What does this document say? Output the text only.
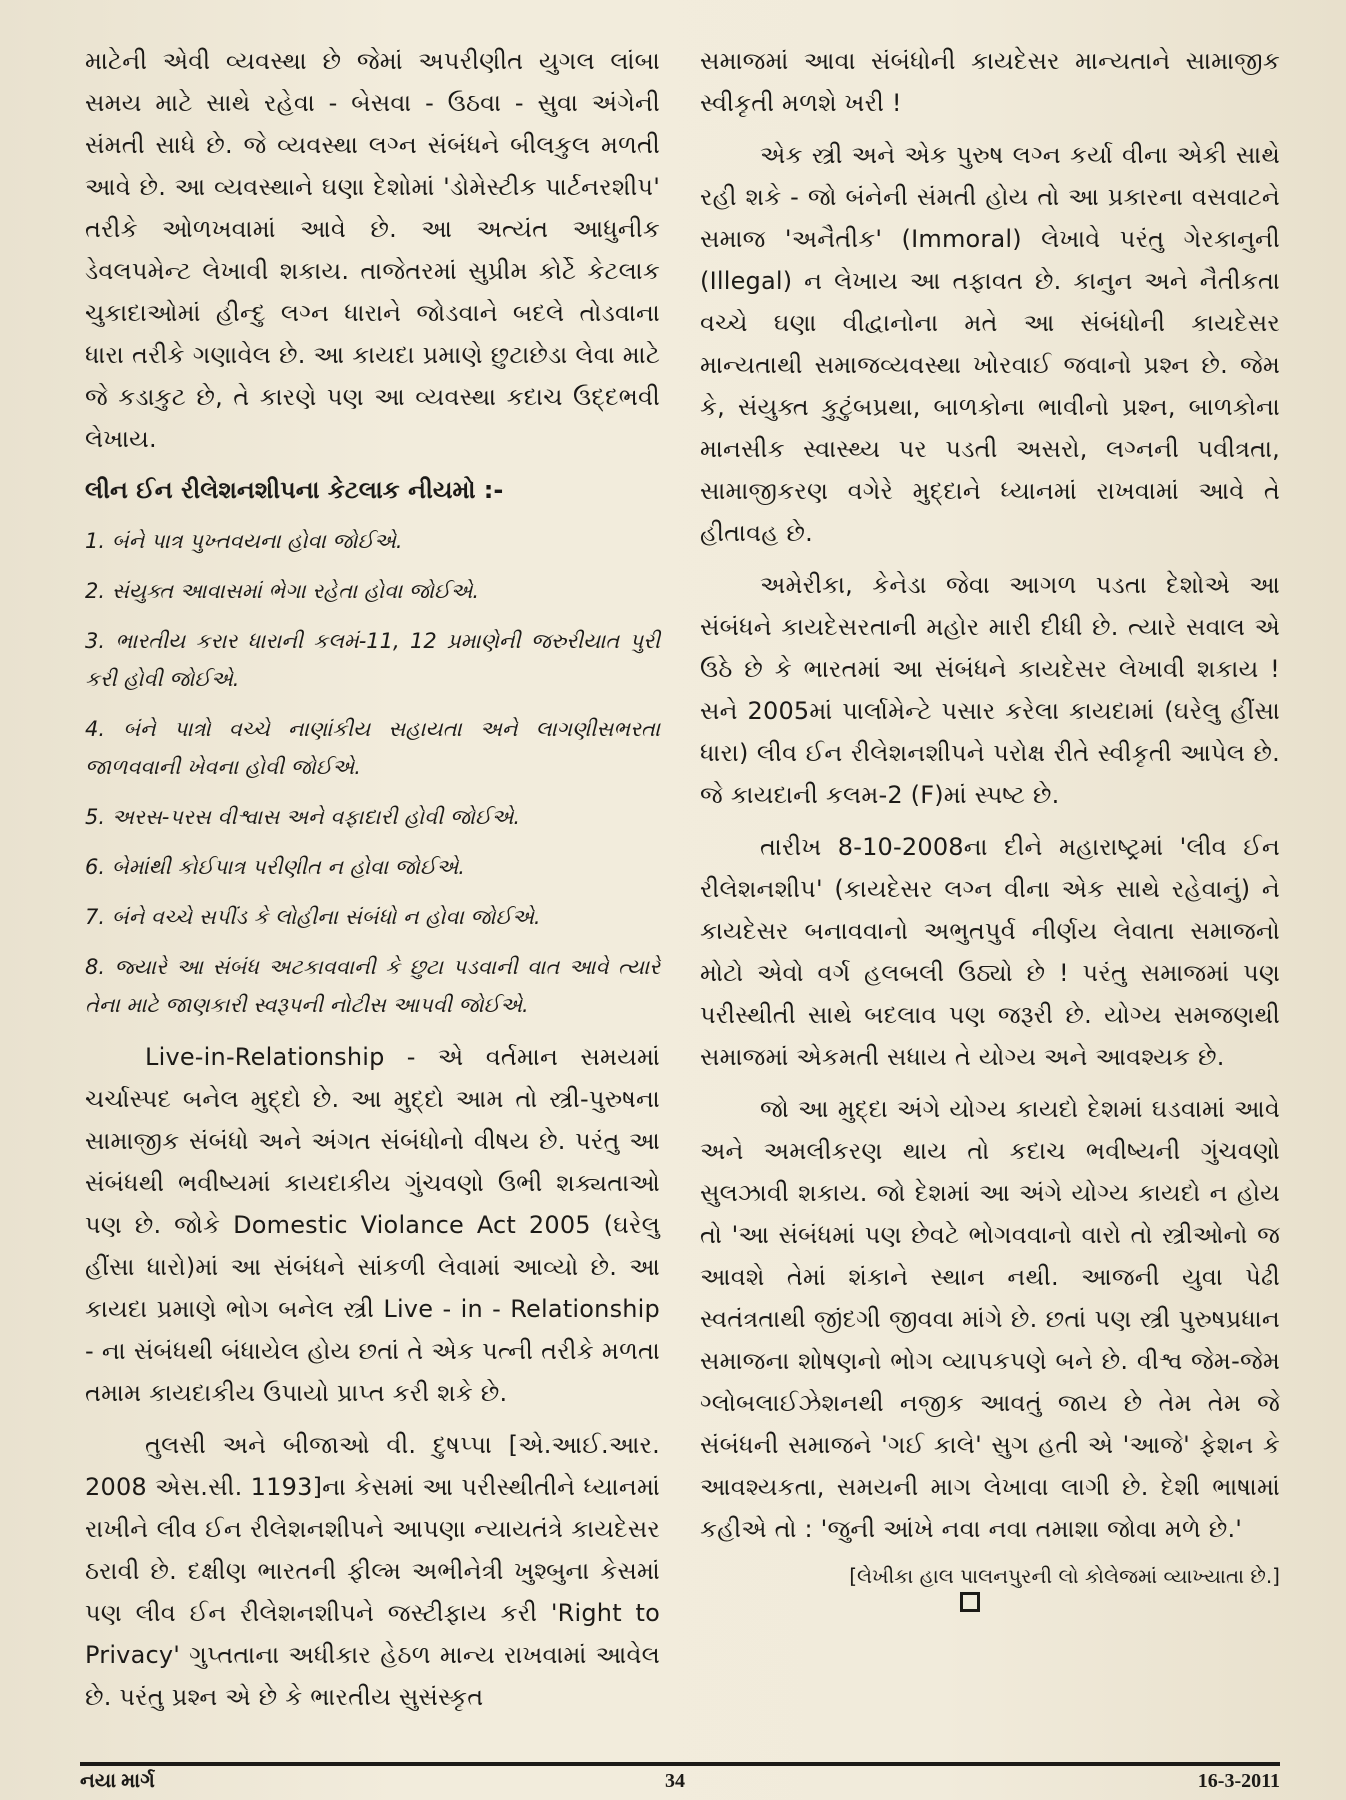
માટેની એવી વ્યવસ્થા છે જેમાં અપરીણીત યુગલ લાંબા સમય માટે સાથે રહેવા - બેસવા - ઉઠવા - સુવા અંગેની સંમતી સાધે છે. જે વ્યવસ્થા લગ્ન સંબંધને બીલકુલ મળતી આવે છે. આ વ્યવસ્થાને ઘણા દેશોમાં 'ડોમેસ્ટીક પાર્ટનરશીપ' તરીકે ઓળખવામાં આવે છે. આ અત્યંત આધુનીક ડેવલપમેન્ટ લેખાવી શકાય. તાજેતરમાં સુપ્રીમ કોર્ટે કેટલાક ચુકાદાઓમાં હીન્દુ લગ્ન ધારાને જોડવાને બદલે તોડવાના ધારા તરીકે ગણાવેલ છે. આ કાયદા પ્રમાણે છુટાછેડા લેવા માટે જે કડાકુટ છે, તે કારણે પણ આ વ્યવસ્થા કદાચ ઉદ્દભવી લેખાય.

લીન ઈન રીલેશનશીપના કેટલાક નીયમો :-
1. બંને પાત્ર પુખ્તવયના હોવા જોઈએ.
2. સંયુક્ત આવાસમાં ભેગા રહેતા હોવા જોઈએ.
3. ભારતીય કરાર ધારાની કલમં-11, 12 પ્રમાણેની જરુરીયાત પુરી કરી હોવી જોઈએ.
4. બંને પાત્રો વચ્ચે નાણાંકીય સહાયતા અને લાગણીસભરતા જાળવવાની ખેવના હોવી જોઈએ.
5. અરસ-પરસ વીશ્વાસ અને વફાદારી હોવી જોઈએ.
6. બેમાંથી કોઈપાત્ર પરીણીત ન હોવા જોઈએ.
7. બંને વચ્ચે સપીંડ કે લોહીના સંબંધો ન હોવા જોઈએ.
8. જ્યારે આ સંબંધ અટકાવવાની કે છુટા પડવાની વાત આવે ત્યારે તેના માટે જાણકારી સ્વરૂપની નોટીસ આપવી જોઈએ.

Live-in-Relationship - એ વર્તમાન સમયમાં ચર્ચાસ્પદ બનેલ મુદ્દો છે. આ મુદ્દો આમ તો સ્ત્રી-પુરુષના સામાજીક સંબંધો અને અંગત સંબંધોનો વીષય છે. પરંતુ આ સંબંધથી ભવીષ્યમાં કાયદાકીય ગુંચવણો ઉભી શક્યતાઓ પણ છે. જોકે Domestic Violance Act 2005 (ઘરેલુ હીંસા ધારો)માં આ સંબંધને સાંકળી લેવામાં આવ્યો છે. આ કાયદા પ્રમાણે ભોગ બનેલ સ્ત્રી Live - in - Relationship - ના સંબંધથી બંધાયેલ હોય છતાં તે એક પત્ની તરીકે મળતા તમામ કાયદાકીય ઉપાયો પ્રાપ્ત કરી શકે છે.

તુલસી અને બીજાઓ વી. દુષપ્પા [એ.આઈ.આર. 2008 એસ.સી. 1193]ના કેસમાં આ પરીસ્થીતીને ધ્યાનમાં રાખીને લીવ ઈન રીલેશનશીપને આપણા ન્યાયતંત્રે કાયદેસર ઠરાવી છે. દક્ષીણ ભારતની ફીલ્મ અભીનેત્રી ખુશ્બુના કેસમાં પણ લીવ ઈન રીલેશનશીપને જસ્ટીફાય કરી 'Right to Privacy' ગુપ્તતાના અધીકાર હેઠળ માન્ય રાખવામાં આવેલ છે. પરંતુ પ્રશ્ન એ છે કે ભારતીય સુસંસ્કૃત

સમાજમાં આવા સંબંધોની કાયદેસર માન્યતાને સામાજીક સ્વીકૃતી મળશે ખરી !

એક સ્ત્રી અને એક પુરુષ લગ્ન કર્યા વીના એકી સાથે રહી શકે - જો બંનેની સંમતી હોય તો આ પ્રકારના વસવાટને સમાજ 'અનૈતીક' (Immoral) લેખાવે પરંતુ ગેરકાનુની (Illegal) ન લેખાય આ તફાવત છે. કાનુન અને નૈતીકતા વચ્ચે ઘણા વીદ્વાનોના મતે આ સંબંધોની કાયદેસર માન્યતાથી સમાજવ્યવસ્થા ખોરવાઈ જવાનો પ્રશ્ન છે. જેમ કે, સંયુક્ત કુટુંબપ્રથા, બાળકોના ભાવીનો પ્રશ્ન, બાળકોના માનસીક સ્વાસ્થ્ય પર પડતી અસરો, લગ્નની પવીત્રતા, સામાજીકરણ વગેરે મુદ્દાને ધ્યાનમાં રાખવામાં આવે તે હીતાવહ છે.

અમેરીકા, કેનેડા જેવા આગળ પડતા દેશોએ આ સંબંધને કાયદેસરતાની મહોર મારી દીધી છે. ત્યારે સવાલ એ ઉઠે છે કે ભારતમાં આ સંબંધને કાયદેસર લેખાવી શકાય ! સને 2005માં પાર્લામેન્ટે પસાર કરેલા કાયદામાં (ઘરેલુ હીંસા ધારા) લીવ ઈન રીલેશનશીપને પરોક્ષ રીતે સ્વીકૃતી આપેલ છે. જે કાયદાની કલમ-2 (F)માં સ્પષ્ટ છે.

તારીખ 8-10-2008ના દીને મહારાષ્ટ્રમાં 'લીવ ઈન રીલેશનશીપ' (કાયદેસર લગ્ન વીના એક સાથે રહેવાનું) ને કાયદેસર બનાવવાનો અભુતપુર્વ નીર્ણય લેવાતા સમાજનો મોટો એવો વર્ગ હલબલી ઉઠ્યો છે ! પરંતુ સમાજમાં પણ પરીસ્થીતી સાથે બદલાવ પણ જરૂરી છે. યોગ્ય સમજણથી સમાજમાં એકમતી સધાય તે યોગ્ય અને આવશ્યક છે.

જો આ મુદ્દા અંગે યોગ્ય કાયદો દેશમાં ઘડવામાં આવે અને અમલીકરણ થાય તો કદાચ ભવીષ્યની ગુંચવણો સુલઝાવી શકાય. જો દેશમાં આ અંગે યોગ્ય કાયદો ન હોય તો 'આ સંબંધમાં પણ છેવટે ભોગવવાનો વારો તો સ્ત્રીઓનો જ આવશે તેમાં શંકાને સ્થાન નથી. આજની યુવા પેઢી સ્વતંત્રતાથી જીંદગી જીવવા માંગે છે. છતાં પણ સ્ત્રી પુરુષપ્રધાન સમાજના શોષણનો ભોગ વ્યાપકપણે બને છે. વીશ્વ જેમ-જેમ ગ્લોબલાઈઝેશનથી નજીક આવતું જાય છે તેમ તેમ જે સંબંધની સમાજને 'ગઈ કાલે' સુગ હતી એ 'આજે' ફેશન કે આવશ્યકતા, સમયની માગ લેખાવા લાગી છે. દેશી ભાષામાં કહીએ તો : 'જુની આંખે નવા નવા તમાશા જોવા મળે છે.'

[લેખીકા હાલ પાલનપુરની લો કોલેજમાં વ્યાખ્યાતા છે.]
નયા માર્ગ	34	16-3-2011
